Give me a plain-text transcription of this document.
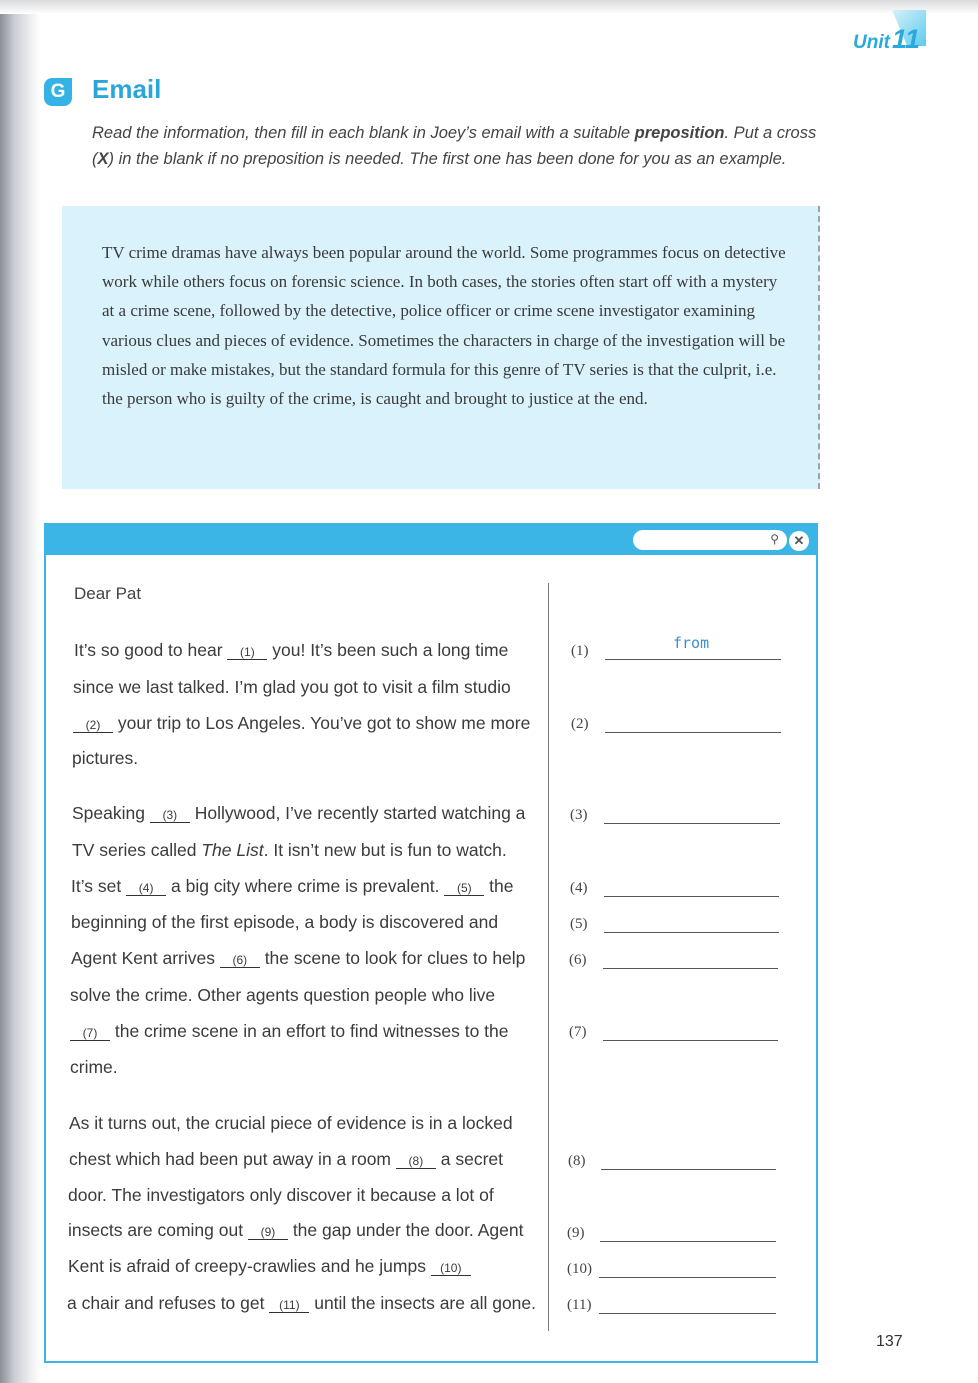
Unit11
G Email
Read the information, then fill in each blank in Joey’s email with a suitable preposition. Put a cross (X) in the blank if no preposition is needed. The first one has been done for you as an example.
TV crime dramas have always been popular around the world. Some programmes focus on detective work while others focus on forensic science. In both cases, the stories often start off with a mystery at a crime scene, followed by the detective, police officer or crime scene investigator examining various clues and pieces of evidence. Sometimes the characters in charge of the investigation will be misled or make mistakes, but the standard formula for this genre of TV series is that the culprit, i.e. the person who is guilty of the crime, is caught and brought to justice at the end.
⚲	✕
Dear Pat
It’s so good to hear (1) you! It’s been such a long time
since we last talked. I’m glad you got to visit a film studio
(2) your trip to Los Angeles. You’ve got to show me more
pictures.
Speaking (3) Hollywood, I’ve recently started watching a
TV series called The List. It isn’t new but is fun to watch.
It’s set (4) a big city where crime is prevalent. (5) the
beginning of the first episode, a body is discovered and
Agent Kent arrives (6) the scene to look for clues to help
solve the crime. Other agents question people who live
(7) the crime scene in an effort to find witnesses to the
crime.
As it turns out, the crucial piece of evidence is in a locked
chest which had been put away in a room (8) a secret
door. The investigators only discover it because a lot of
insects are coming out (9) the gap under the door. Agent
Kent is afraid of creepy-crawlies and he jumps (10)
a chair and refuses to get (11) until the insects are all gone.
(1)	from
(2)
(3)
(4)
(5)
(6)
(7)
(8)
(9)
(10)
(11)
137
